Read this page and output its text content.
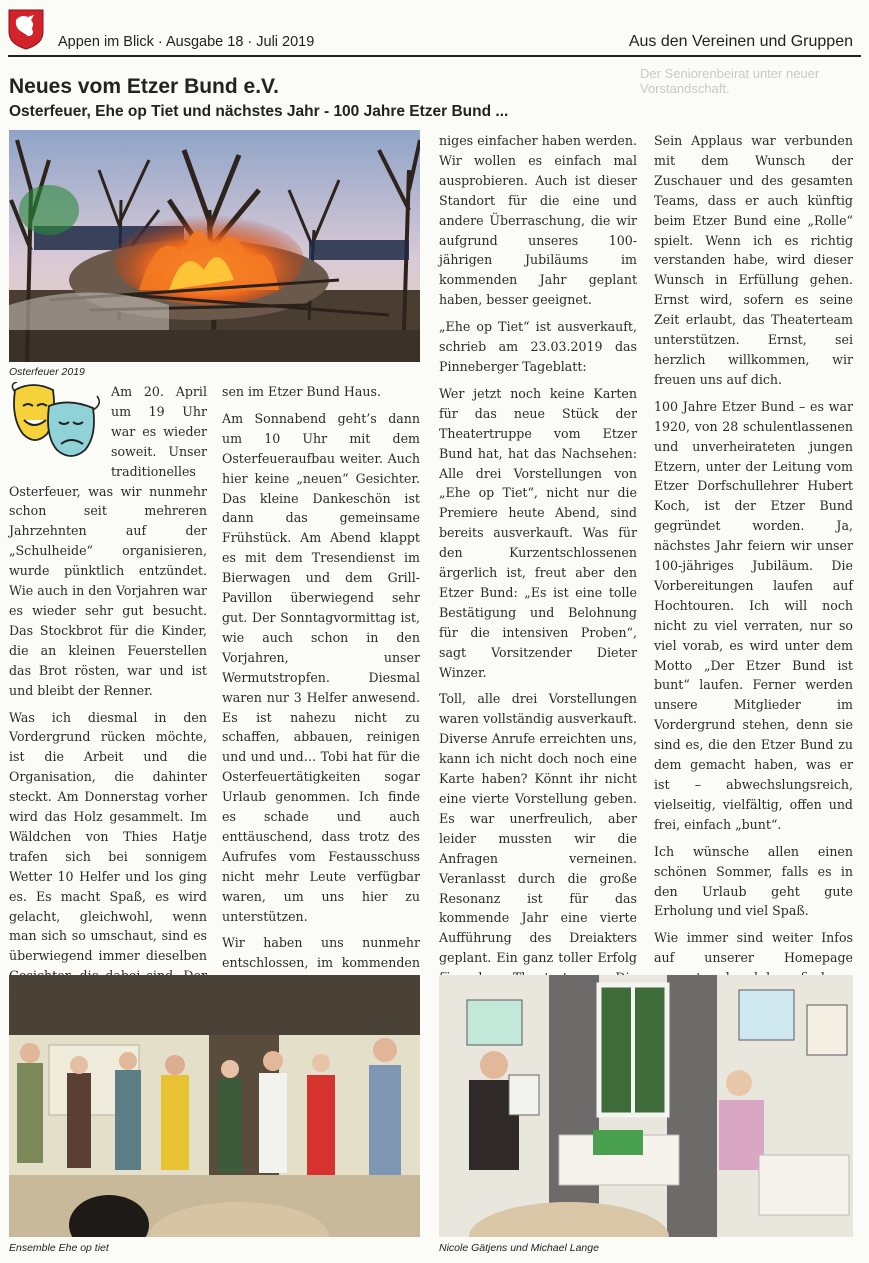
Appen im Blick · Ausgabe 18 · Juli 2019	Aus den Vereinen und Gruppen
Der Seniorenbeirat unter neuer Vorstandschaft.
Neues vom Etzer Bund e.V.
Osterfeuer, Ehe op Tiet und nächstes Jahr - 100 Jahre Etzer Bund ...
Osterfeuer 2019

Am 20. April um 19 Uhr war es wieder soweit. Unser traditionelles Osterfeuer, was wir nunmehr schon seit mehreren Jahrzehnten auf der „Schulheide“ organisieren, wurde pünktlich entzündet. Wie auch in den Vorjahren war es wieder sehr gut besucht. Das Stockbrot für die Kinder, die an kleinen Feuerstellen das Brot rösten, war und ist und bleibt der Renner.

Was ich diesmal in den Vordergrund rücken möchte, ist die Arbeit und die Organisation, die dahinter steckt. Am Donnerstag vorher wird das Holz gesammelt. Im Wäldchen von Thies Hatje trafen sich bei sonnigem Wetter 10 Helfer und los ging es. Es macht Spaß, es wird gelacht, gleichwohl, wenn man sich so umschaut, sind es überwiegend immer dieselben

sen im Etzer Bund Haus.

Am Sonnabend geht’s dann um 10 Uhr mit dem Osterfeueraufbau weiter. Auch hier keine „neuen“ Gesichter. Das kleine Dankeschön ist dann das gemeinsame Frühstück. Am Abend klappt es mit dem Tresendienst im Bierwagen und dem Grill-Pavillon überwiegend sehr gut. Der Sonntagvormittag ist, wie auch schon in den Vorjahren, unser Wermutstropfen. Diesmal waren nur 3 Helfer anwesend. Es ist nahezu nicht zu schaffen, abbauen, reinigen und und und… Tobi hat für die Osterfeuertätigkeiten sogar Urlaub genommen. Ich finde es schade und auch enttäuschend, dass trotz des Aufrufes vom Festausschuss nicht mehr Leute verfügbar waren, um uns hier zu unterstützen.

Wir haben uns nunmehr entschlossen, im kommenden

niges einfacher haben werden. Wir wollen es einfach mal ausprobieren. Auch ist dieser Standort für die eine und andere Überraschung, die wir aufgrund unseres 100-jährigen Jubiläums im kommenden Jahr geplant haben, besser geeignet.

„Ehe op Tiet“ ist ausverkauft, schrieb am 23.03.2019 das Pinneberger Tageblatt:

Wer jetzt noch keine Karten für das neue Stück der Theatertruppe vom Etzer Bund hat, hat das Nachsehen: Alle drei Vorstellungen von „Ehe op Tiet“, nicht nur die Premiere heute Abend, sind bereits ausverkauft. Was für den Kurzentschlossenen ärgerlich ist, freut aber den Etzer Bund: „Es ist eine tolle Bestätigung und Belohnung für die intensiven Proben“, sagt Vorsitzender Dieter Winzer.

Toll, alle drei Vorstellungen waren vollständig ausverkauft. Diverse Anrufe erreichten uns, kann ich nicht doch noch eine Karte haben? Könnt ihr nicht eine vierte Vorstellung geben. Es war unerfreulich, aber leider mussten wir die Anfragen verneinen. Veranlasst durch die große Resonanz ist für das kommende Jahr eine vierte Aufführung des Dreiakters geplant. Ein ganz toller Erfolg

Sein Applaus war verbunden mit dem Wunsch der Zuschauer und des gesamten Teams, dass er auch künftig beim Etzer Bund eine „Rolle“ spielt. Wenn ich es richtig verstanden habe, wird dieser Wunsch in Erfüllung gehen. Ernst wird, sofern es seine Zeit erlaubt, das Theaterteam unterstützen. Ernst, sei herzlich willkommen, wir freuen uns auf dich.

100 Jahre Etzer Bund – es war 1920, von 28 schulentlassenen und unverheirateten jungen Etzern, unter der Leitung vom Etzer Dorfschullehrer Hubert Koch, ist der Etzer Bund gegründet worden. Ja, nächstes Jahr feiern wir unser 100-jähriges Jubiläum. Die Vorbereitungen laufen auf Hochtouren. Ich will noch nicht zu viel verraten, nur so viel vorab, es wird unter dem Motto „Der Etzer Bund ist bunt“ laufen. Ferner werden unsere Mitglieder im Vordergrund stehen, denn sie sind es, die den Etzer Bund zu dem gemacht haben, was er ist – abwechslungsreich, vielseitig, vielfältig, offen und frei, einfach „bunt“.

Ich wünsche allen einen schönen Sommer, falls es in den Urlaub geht gute Erholung und viel Spaß.

Wie immer sind weiter Infos auf unserer Homepage

Ensemble Ehe op tiet	Nicole Gätjens und Michael Lange
